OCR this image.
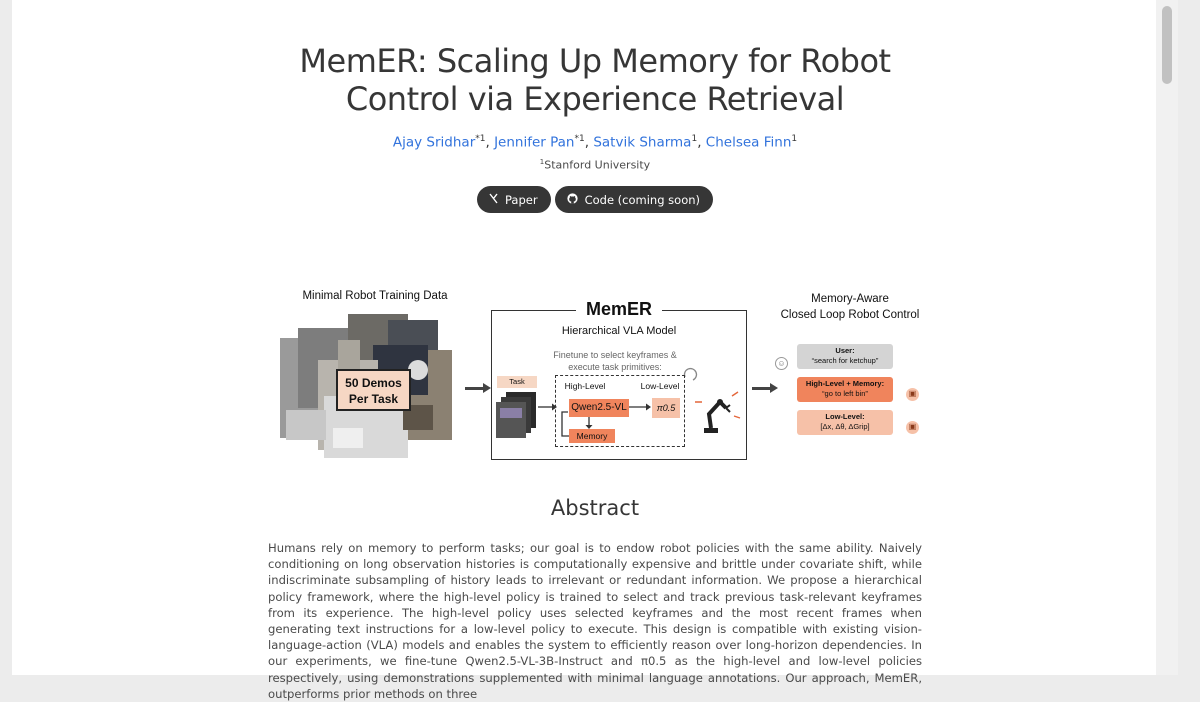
MemER: Scaling Up Memory for Robot
Control via Experience Retrieval
Ajay Sridhar$^{*1}$, Jennifer Pan$^{*1}$, Satvik Sharma$^1$, Chelsea Finn$^1$
$^1$Stanford University
Paper	Code (coming soon)
Minimal Robot Training Data
50 Demos
Per Task
MemER
Hierarchical VLA Model
Finetune to select keyframes &
execute task primitives:
Task	High-Level	Low-Level
Qwen2.5-VL	π0.5
Memory
Memory-Aware
Closed Loop Robot Control
☺
User:
“search for ketchup”
High-Level + Memory:
“go to left bin”	▣
Low-Level:
[Δx, Δθ, ΔGrip]	▣
Abstract
Humans rely on memory to perform tasks; our goal is to endow robot policies with the same ability. Naively conditioning on long observation histories is computationally expensive and brittle under covariate shift, while indiscriminate subsampling of history leads to irrelevant or redundant information. We propose a hierarchical policy framework, where the high-level policy is trained to select and track previous task-relevant keyframes from its experience. The high-level policy uses selected keyframes and the most recent frames when generating text instructions for a low-level policy to execute. This design is compatible with existing vision-language-action (VLA) models and enables the system to efficiently reason over long-horizon dependencies. In our experiments, we fine-tune Qwen2.5-VL-3B-Instruct and π0.5 as the high-level and low-level policies respectively, using demonstrations supplemented with minimal language annotations. Our approach, MemER, outperforms prior methods on three
